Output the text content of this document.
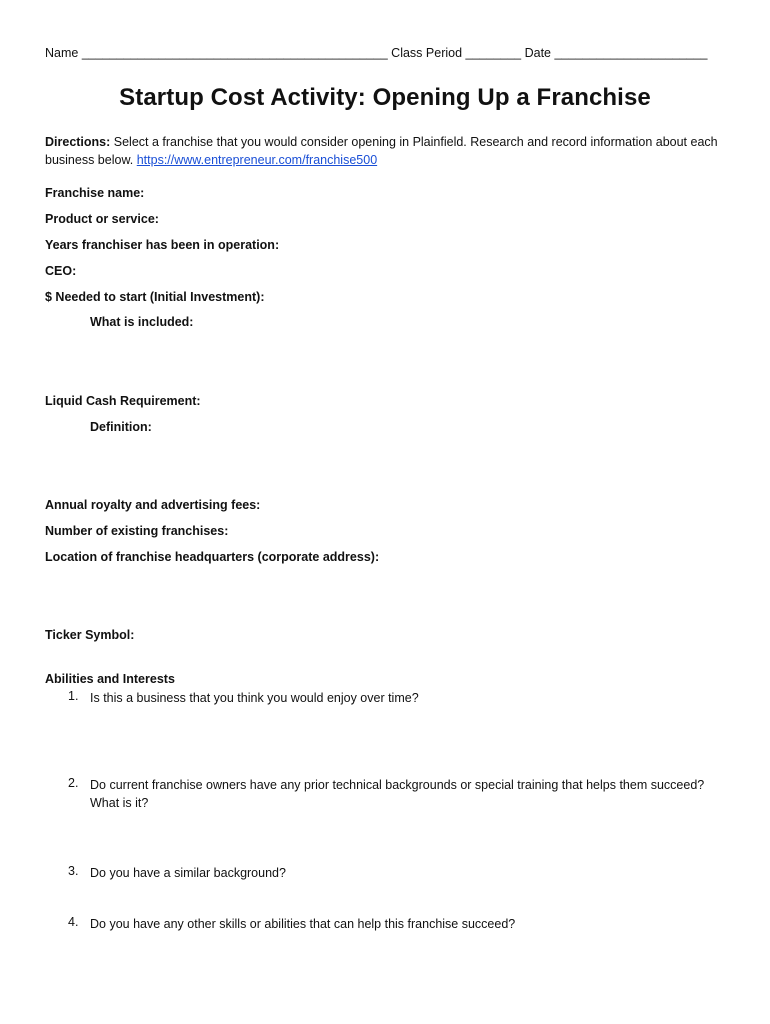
Name ____________________________________________ Class Period ________ Date ______________________
Startup Cost Activity: Opening Up a Franchise
Directions: Select a franchise that you would consider opening in Plainfield. Research and record information about each business below. https://www.entrepreneur.com/franchise500
Franchise name:
Product or service:
Years franchiser has been in operation:
CEO:
$ Needed to start (Initial Investment):
What is included:
Liquid Cash Requirement:
Definition:
Annual royalty and advertising fees:
Number of existing franchises:
Location of franchise headquarters (corporate address):
Ticker Symbol:
Abilities and Interests
1. Is this a business that you think you would enjoy over time?
2. Do current franchise owners have any prior technical backgrounds or special training that helps them succeed?
What is it?
3. Do you have a similar background?
4. Do you have any other skills or abilities that can help this franchise succeed?
